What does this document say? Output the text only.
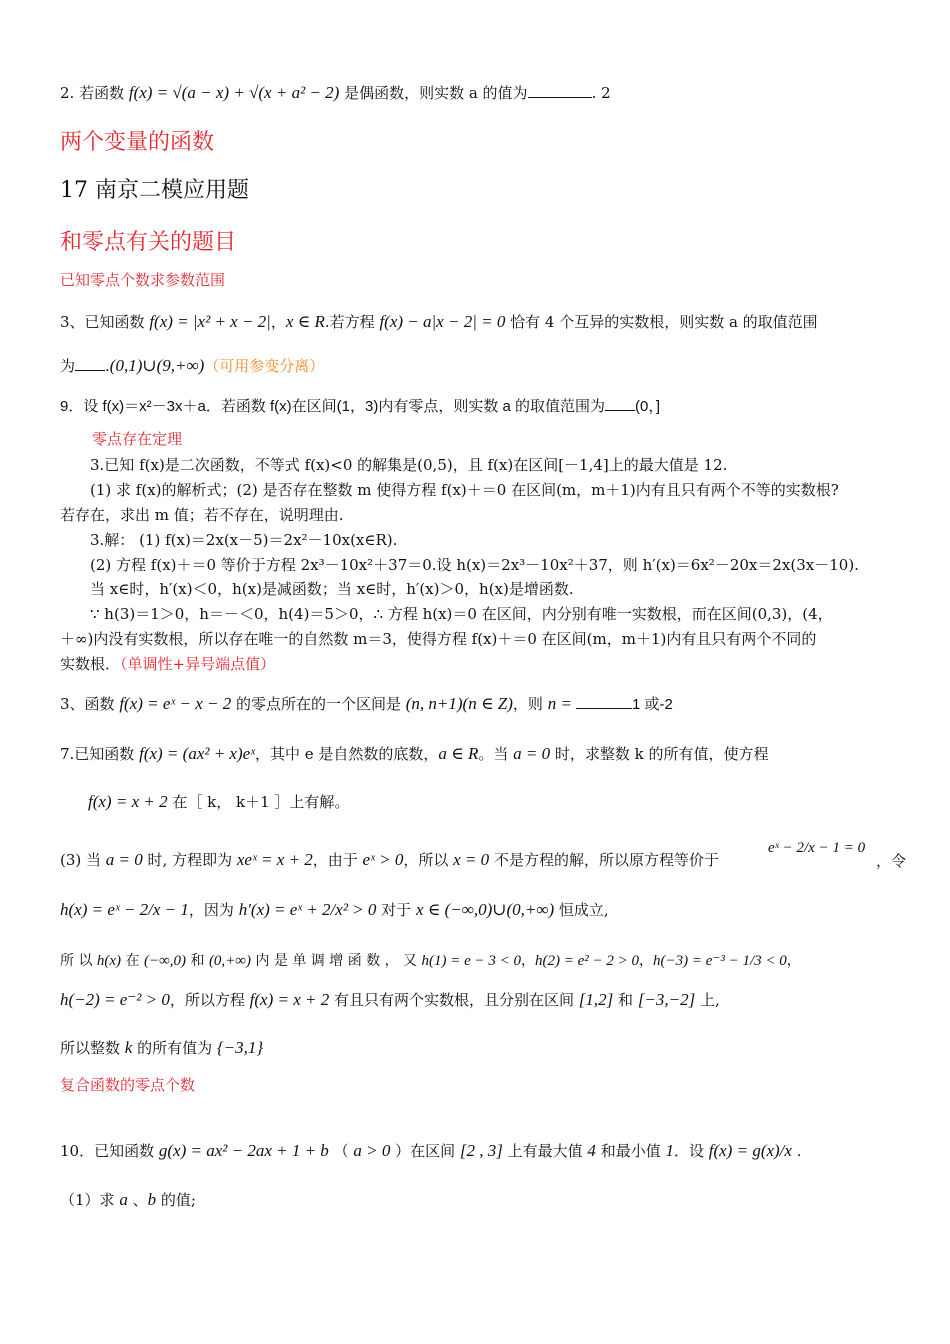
2. 若函数 f(x) = √(a − x) + √(x + a² − 2) 是偶函数，则实数 a 的值为	. 2
两个变量的函数
17 南京二模应用题
和零点有关的题目
已知零点个数求参数范围
3、已知函数 f(x) = |x² + x − 2|，x ∈ R.若方程 f(x) − a|x − 2| = 0 恰有 4 个互异的实数根，则实数 a 的取值范围
为 .(0,1)∪(9,+∞)（可用参变分离）
9．设 f(x)＝x²－3x＋a．若函数 f(x)在区间(1，3)内有零点，则实数 a 的取值范围为 (0，]
零点存在定理
3.已知 f(x)是二次函数，不等式 f(x)<0 的解集是(0,5)，且 f(x)在区间[－1,4]上的最大值是 12.
(1) 求 f(x)的解析式；(2) 是否存在整数 m 使得方程 f(x)＋＝0 在区间(m，m＋1)内有且只有两个不等的实数根?
若存在，求出 m 值；若不存在，说明理由.
3.解： (1) f(x)＝2x(x－5)＝2x²－10x(x∈R).
(2) 方程 f(x)＋＝0 等价于方程 2x³－10x²＋37＝0.设 h(x)＝2x³－10x²＋37，则 h′(x)＝6x²－20x＝2x(3x－10).
当 x∈时，h′(x)＜0，h(x)是减函数；当 x∈时，h′(x)＞0，h(x)是增函数.
∵ h(3)＝1＞0，h＝－＜0，h(4)＝5＞0，∴ 方程 h(x)＝0 在区间，内分别有唯一实数根，而在区间(0,3)，(4，
＋∞)内没有实数根，所以存在唯一的自然数 m＝3，使得方程 f(x)＋＝0 在区间(m，m＋1)内有且只有两个不同的
实数根．（单调性+异号端点值）
3、函数 f(x) = eˣ − x − 2 的零点所在的一个区间是 (n, n+1)(n ∈ Z)，则 n =	1 或-2
7.已知函数 f(x) = (ax² + x)eˣ，其中 e 是自然数的底数，a ∈ R。当 a = 0 时，求整数 k 的所有值，使方程
f(x) = x + 2 在［ k， k＋1 ］上有解。
(3) 当 a = 0 时, 方程即为 xeˣ = x + 2，由于 eˣ > 0，所以 x = 0 不是方程的解，所以原方程等价于
eˣ − 2/x − 1 = 0
，令
h(x) = eˣ − 2/x − 1，因为 h′(x) = eˣ + 2/x² > 0 对于 x ∈ (−∞,0)∪(0,+∞) 恒成立,
所 以 h(x) 在 (−∞,0) 和 (0,+∞) 内 是 单 调 增 函 数 ， 又 h(1) = e − 3 < 0，h(2) = e² − 2 > 0，h(−3) = e⁻³ − 1/3 < 0，
h(−2) = e⁻² > 0，所以方程 f(x) = x + 2 有且只有两个实数根，且分别在区间 [1,2] 和 [−3,−2] 上,
所以整数 k 的所有值为 {−3,1}
复合函数的零点个数
10．已知函数 g(x) = ax² − 2ax + 1 + b （ a > 0 ）在区间 [2 , 3] 上有最大值 4 和最小值 1．设 f(x) = g(x)/x .
（1）求 a 、b 的值;
